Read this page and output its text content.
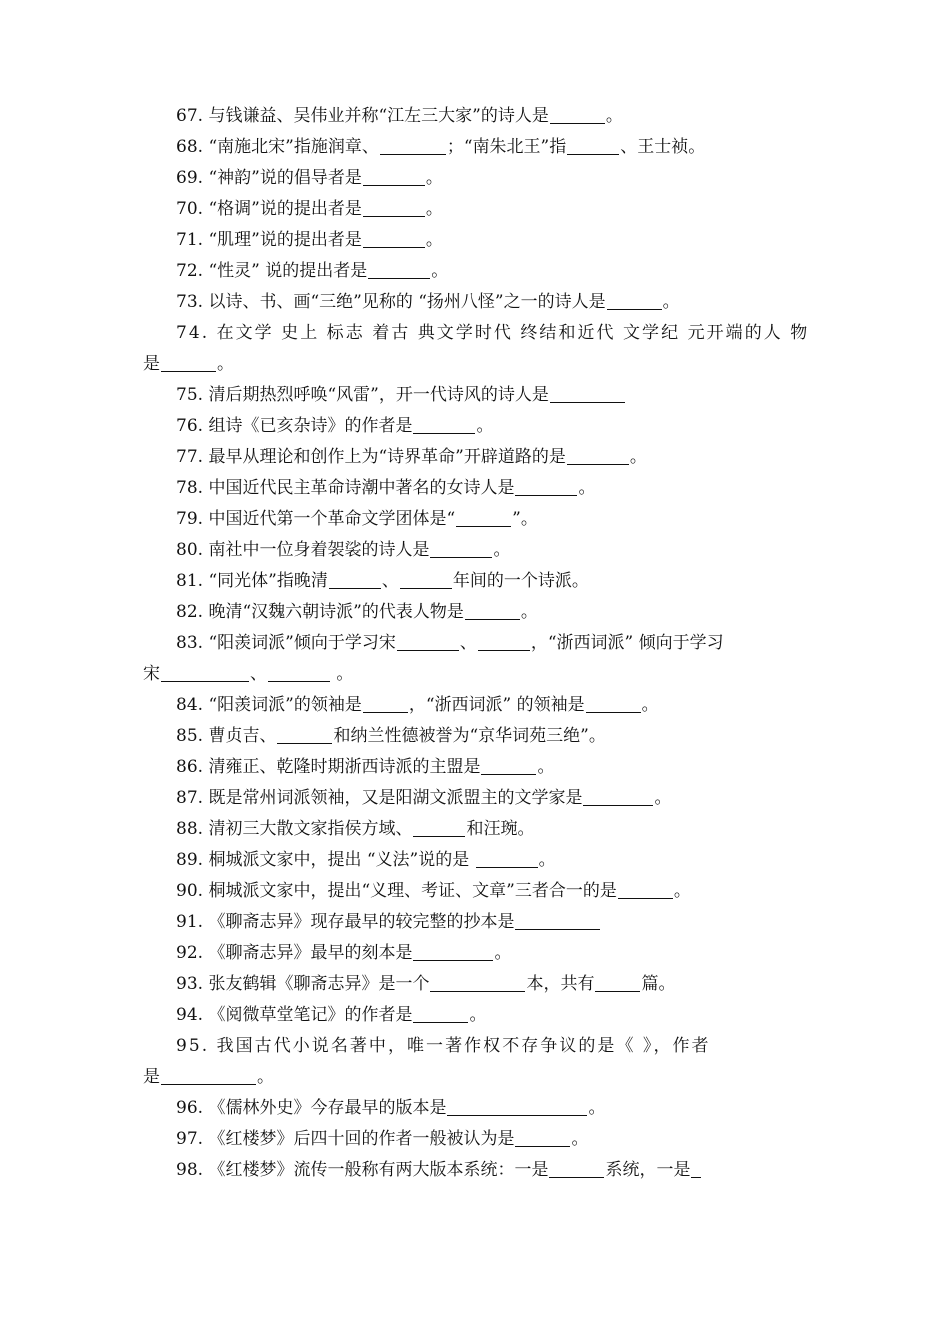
67. 与钱谦益、吴伟业并称“江左三大家”的诗人是	。
68. “南施北宋”指施润章、	；“南朱北王”指	、王士祯。
69. “神韵”说的倡导者是	。
70. “格调”说的提出者是	。
71. “肌理”说的提出者是	。
72. “性灵” 说的提出者是	。
73. 以诗、书、画“三绝”见称的 “扬州八怪”之一的诗人是	。
74. 在文学 史上 标志 着古 典文学时代 终结和近代 文学纪 元开端的人 物
是	。
75. 清后期热烈呼唤“风雷”，开一代诗风的诗人是
76. 组诗《已亥杂诗》的作者是	。
77. 最早从理论和创作上为“诗界革命”开辟道路的是	。
78. 中国近代民主革命诗潮中著名的女诗人是	。
79. 中国近代第一个革命文学团体是“	”。
80. 南社中一位身着袈裟的诗人是	。
81. “同光体”指晚清	、	年间的一个诗派。
82. 晚清“汉魏六朝诗派”的代表人物是	。
83. “阳羡词派”倾向于学习宋	、	，“浙西词派” 倾向于学习
宋	、	。
84. “阳羡词派”的领袖是	，“浙西词派” 的领袖是	。
85. 曹贞吉、	和纳兰性德被誉为“京华词苑三绝”。
86. 清雍正、乾隆时期浙西诗派的主盟是	。
87. 既是常州词派领袖，又是阳湖文派盟主的文学家是	。
88. 清初三大散文家指侯方域、	和汪琬。
89. 桐城派文家中，提出 “义法”说的是	。
90. 桐城派文家中，提出“义理、考证、文章”三者合一的是	。
91. 《聊斋志异》现存最早的较完整的抄本是
92. 《聊斋志异》最早的刻本是	。
93. 张友鹤辑《聊斋志异》是一个	本，共有	篇。
94. 《阅微草堂笔记》的作者是	。
95. 我国古代小说名著中，唯一著作权不存争议的是《 》，作者
是	。
96. 《儒林外史》今存最早的版本是	。
97. 《红楼梦》后四十回的作者一般被认为是	。
98. 《红楼梦》流传一般称有两大版本系统：一是	系统，一是
